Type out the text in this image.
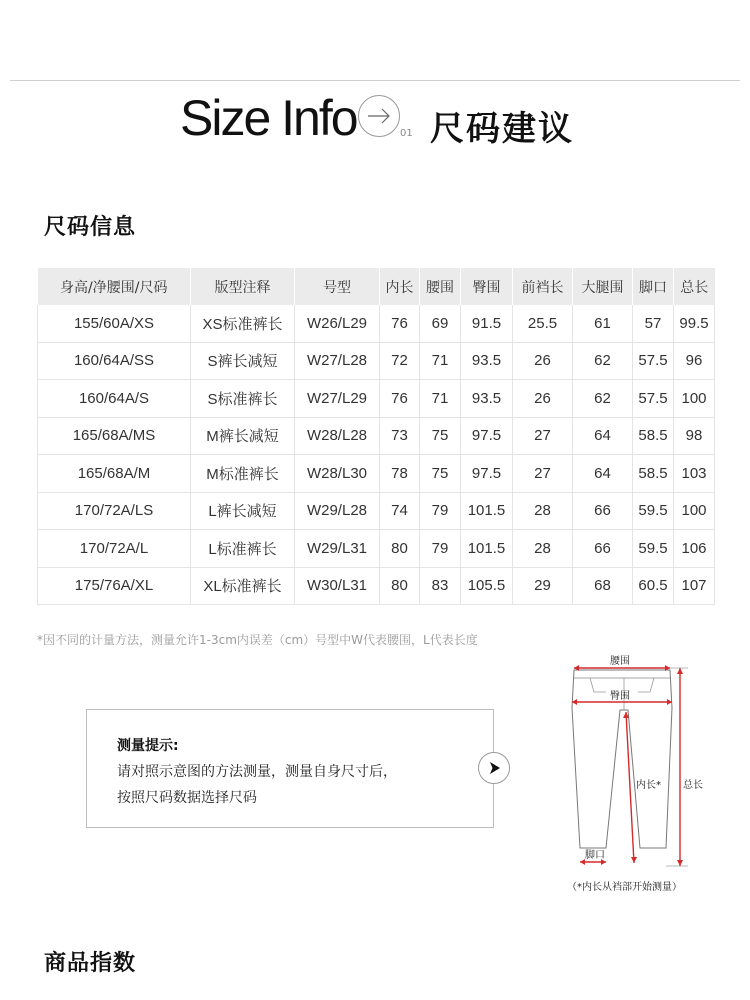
Size Info	01 尺码建议
尺码信息
身高/净腰围/尺码	版型注释	号型	内长	腰围	臀围	前裆长	大腿围	脚口	总长
155/60A/XS	XS标准裤长	W26/L29	76	69	91.5	25.5	61	57	99.5
160/64A/SS	S裤长减短	W27/L28	72	71	93.5	26	62	57.5	96
160/64A/S	S标准裤长	W27/L29	76	71	93.5	26	62	57.5	100
165/68A/MS	M裤长减短	W28/L28	73	75	97.5	27	64	58.5	98
165/68A/M	M标准裤长	W28/L30	78	75	97.5	27	64	58.5	103
170/72A/LS	L裤长减短	W29/L28	74	79	101.5	28	66	59.5	100
170/72A/L	L标准裤长	W29/L31	80	79	101.5	28	66	59.5	106
175/76A/XL	XL标准裤长	W30/L31	80	83	105.5	29	68	60.5	107
*因不同的计量方法，测量允许1-3cm内误差（cm）号型中W代表腰围，L代表长度
测量提示:
请对照示意图的方法测量，测量自身尺寸后，
按照尺码数据选择尺码
腰围
臀围
内长* 总长
脚口
（*内长从裆部开始测量）
商品指数
